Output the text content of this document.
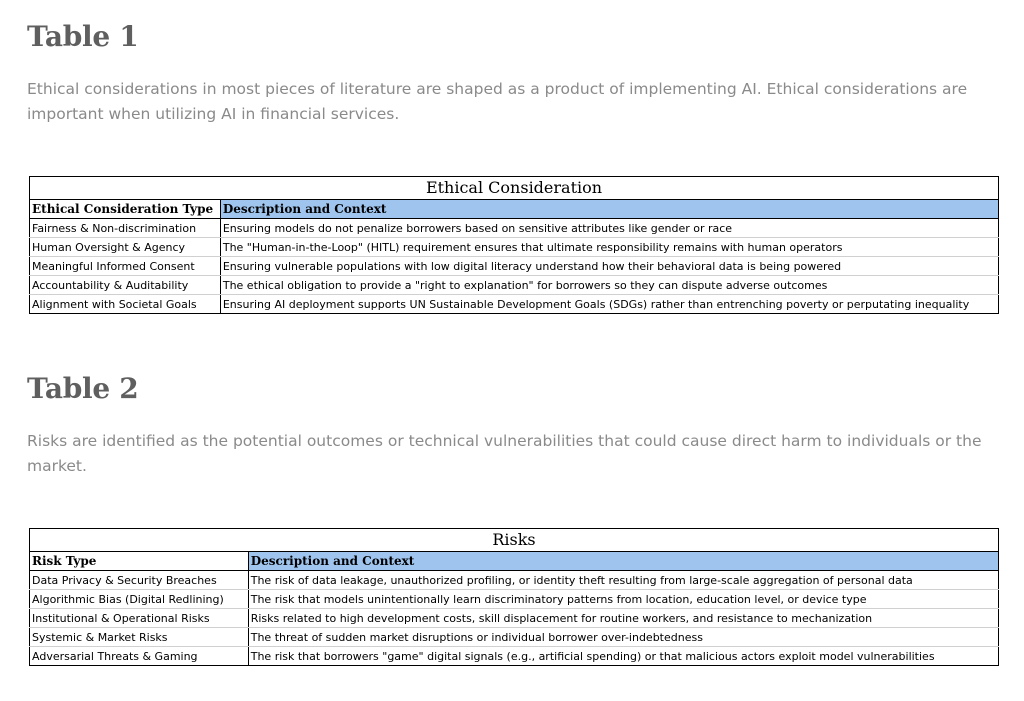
Table 1

Ethical considerations in most pieces of literature are shaped as a product of implementing AI. Ethical considerations are important when utilizing AI in financial services.

Ethical Consideration	
Ethical Consideration Type	Description and Context
Fairness & Non-discrimination	Ensuring models do not penalize borrowers based on sensitive attributes like gender or race
Human Oversight & Agency	The "Human-in-the-Loop" (HITL) requirement ensures that ultimate responsibility remains with human operators
Meaningful Informed Consent	Ensuring vulnerable populations with low digital literacy understand how their behavioral data is being powered
Accountability & Auditability	The ethical obligation to provide a "right to explanation" for borrowers so they can dispute adverse outcomes
Alignment with Societal Goals	Ensuring AI deployment supports UN Sustainable Development Goals (SDGs) rather than entrenching poverty or perputating inequality
Table 2

Risks are identified as the potential outcomes or technical vulnerabilities that could cause direct harm to individuals or the market.

Risks	
Risk Type	Description and Context
Data Privacy & Security Breaches	The risk of data leakage, unauthorized profiling, or identity theft resulting from large-scale aggregation of personal data
Algorithmic Bias (Digital Redlining)	The risk that models unintentionally learn discriminatory patterns from location, education level, or device type
Institutional & Operational Risks	Risks related to high development costs, skill displacement for routine workers, and resistance to mechanization
Systemic & Market Risks	The threat of sudden market disruptions or individual borrower over-indebtedness
Adversarial Threats & Gaming	The risk that borrowers "game" digital signals (e.g., artificial spending) or that malicious actors exploit model vulnerabilities
